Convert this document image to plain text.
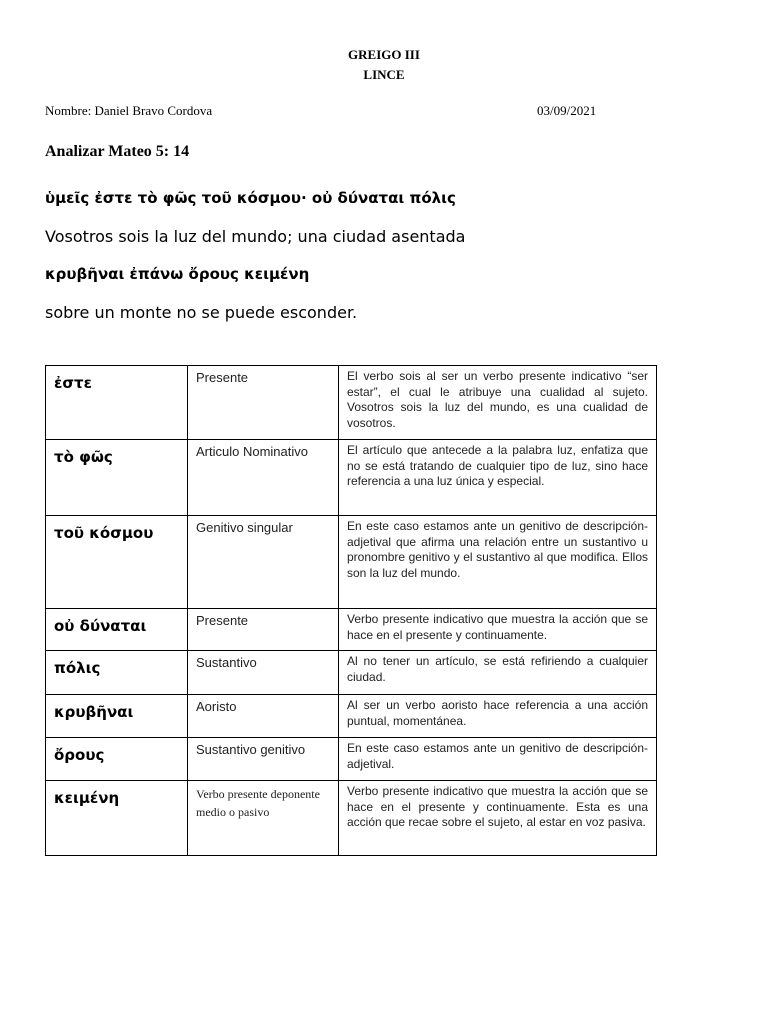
GREIGO III
LINCE
Nombre: Daniel Bravo Cordova	03/09/2021
Analizar Mateo 5: 14
ὑμεῖς ἐστε τὸ φῶς τοῦ κόσμου· οὐ δύναται πόλις
Vosotros sois la luz del mundo; una ciudad asentada
κρυβῆναι ἐπάνω ὄρους κειμένη
sobre un monte no se puede esconder.
ἐστε	Presente	El verbo sois al ser un verbo presente indicativo “ser estar”, el cual le atribuye una cualidad al sujeto. Vosotros sois la luz del mundo, es una cualidad de vosotros.
τὸ φῶς	Articulo Nominativo	El artículo que antecede a la palabra luz, enfatiza que no se está tratando de cualquier tipo de luz, sino hace referencia a una luz única y especial.
τοῦ κόσμου	Genitivo singular	En este caso estamos ante un genitivo de descripción-adjetival que afirma una relación entre un sustantivo u pronombre genitivo y el sustantivo al que modifica. Ellos son la luz del mundo.
οὐ δύναται	Presente	Verbo presente indicativo que muestra la acción que se hace en el presente y continuamente.
πόλις	Sustantivo	Al no tener un artículo, se está refiriendo a cualquier ciudad.
κρυβῆναι	Aoristo	Al ser un verbo aoristo hace referencia a una acción puntual, momentánea.
ὄρους	Sustantivo genitivo	En este caso estamos ante un genitivo de descripción-adjetival.
κειμένη	Verbo presente deponente medio o pasivo	Verbo presente indicativo que muestra la acción que se hace en el presente y continuamente. Esta es una acción que recae sobre el sujeto, al estar en voz pasiva.
